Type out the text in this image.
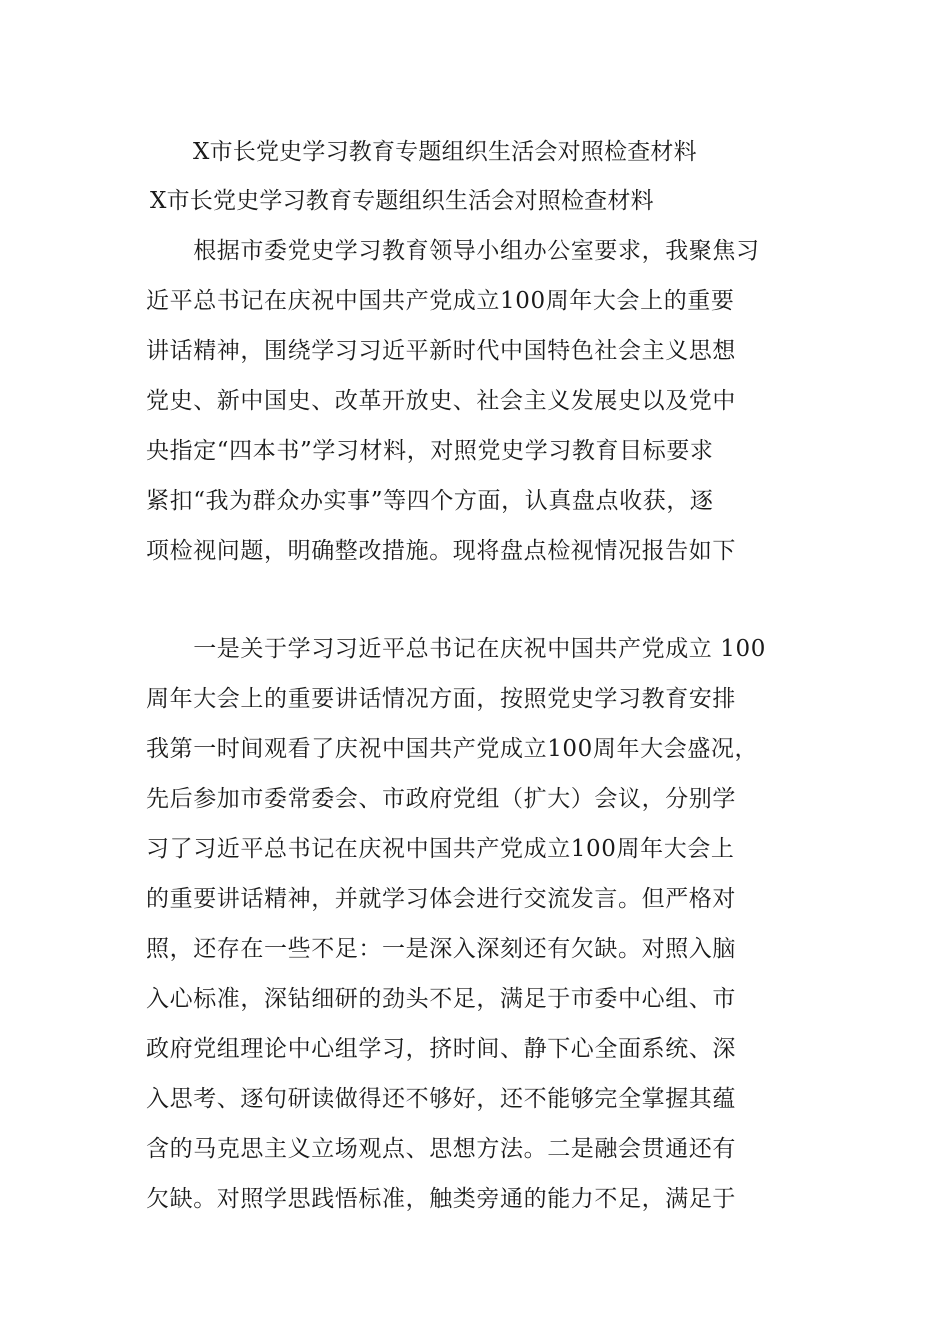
X市长党史学习教育专题组织生活会对照检查材料
X市长党史学习教育专题组织生活会对照检查材料
　　根据市委党史学习教育领导小组办公室要求，我聚焦习
近平总书记在庆祝中国共产党成立100周年大会上的重要
讲话精神，围绕学习习近平新时代中国特色社会主义思想
党史、新中国史、改革开放史、社会主义发展史以及党中
央指定“四本书”学习材料，对照党史学习教育目标要求
紧扣“我为群众办实事”等四个方面，认真盘点收获，逐
项检视问题，明确整改措施。现将盘点检视情况报告如下
　　一是关于学习习近平总书记在庆祝中国共产党成立 100
周年大会上的重要讲话情况方面，按照党史学习教育安排
我第一时间观看了庆祝中国共产党成立100周年大会盛况，
先后参加市委常委会、市政府党组（扩大）会议，分别学
习了习近平总书记在庆祝中国共产党成立100周年大会上
的重要讲话精神，并就学习体会进行交流发言。但严格对
照，还存在一些不足：一是深入深刻还有欠缺。对照入脑
入心标准，深钻细研的劲头不足，满足于市委中心组、市
政府党组理论中心组学习，挤时间、静下心全面系统、深
入思考、逐句研读做得还不够好，还不能够完全掌握其蕴
含的马克思主义立场观点、思想方法。二是融会贯通还有
欠缺。对照学思践悟标准，触类旁通的能力不足，满足于
